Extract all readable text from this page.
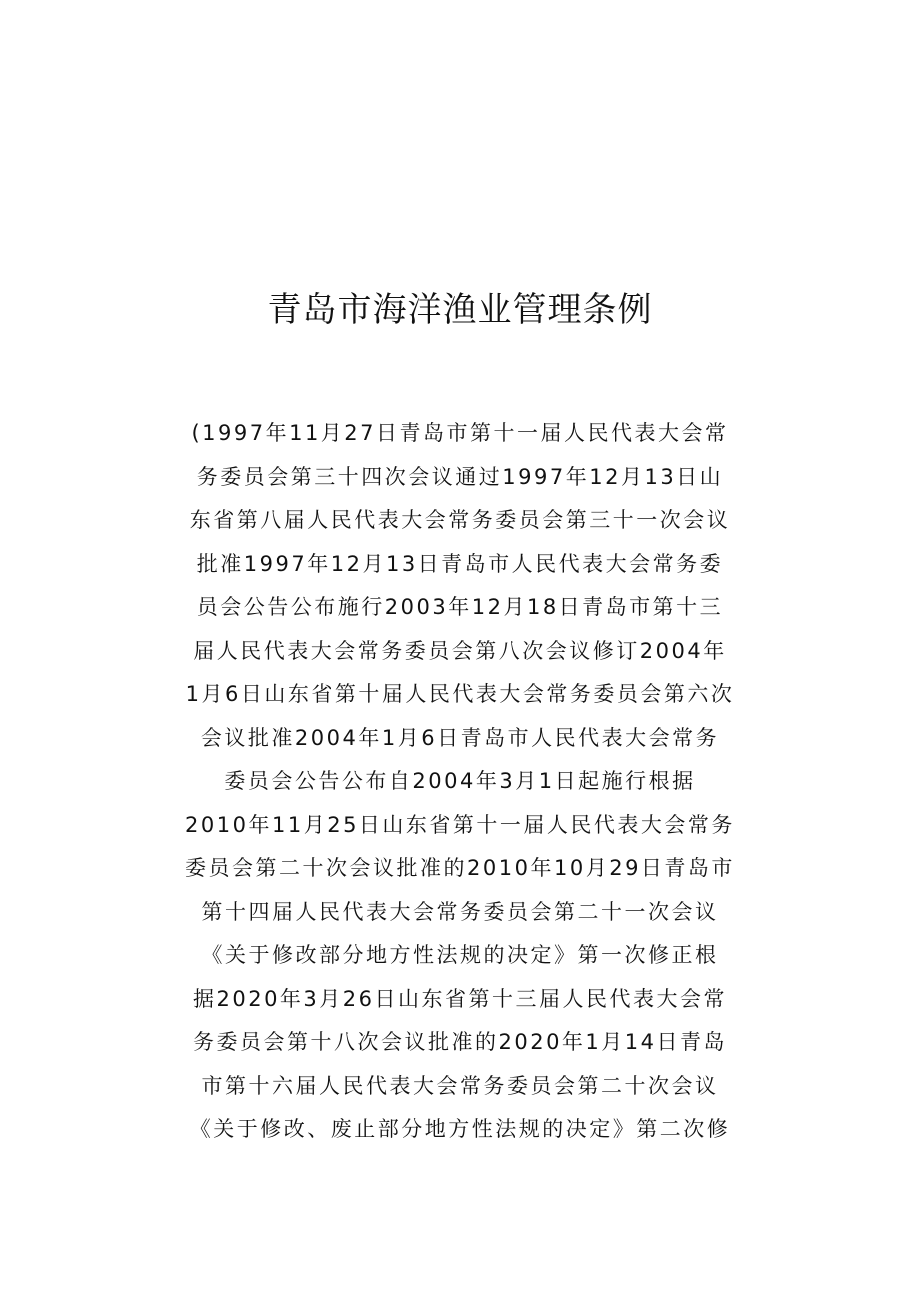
青岛市海洋渔业管理条例
(1997年11月27日青岛市第十一届人民代表大会常
务委员会第三十四次会议通过1997年12月13日山
东省第八届人民代表大会常务委员会第三十一次会议
批准1997年12月13日青岛市人民代表大会常务委
员会公告公布施行2003年12月18日青岛市第十三
届人民代表大会常务委员会第八次会议修订2004年
1月6日山东省第十届人民代表大会常务委员会第六次
会议批准2004年1月6日青岛市人民代表大会常务
委员会公告公布自2004年3月1日起施行根据
2010年11月25日山东省第十一届人民代表大会常务
委员会第二十次会议批准的2010年10月29日青岛市
第十四届人民代表大会常务委员会第二十一次会议
《关于修改部分地方性法规的决定》第一次修正根
据2020年3月26日山东省第十三届人民代表大会常
务委员会第十八次会议批准的2020年1月14日青岛
市第十六届人民代表大会常务委员会第二十次会议
《关于修改、废止部分地方性法规的决定》第二次修
